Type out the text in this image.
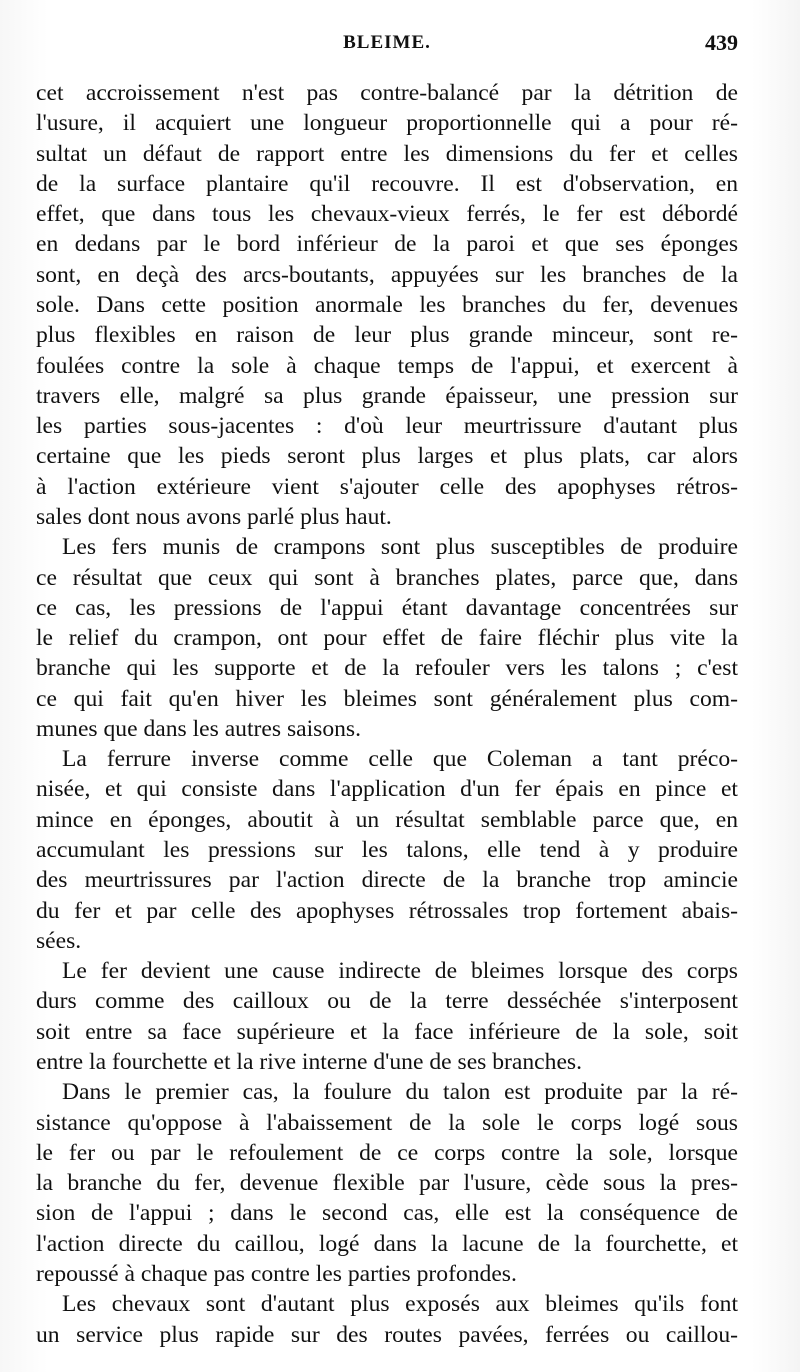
BLEIME.	439

cet accroissement n'est pas contre-balancé par la détrition de

l'usure, il acquiert une longueur proportionnelle qui a pour ré-

sultat un défaut de rapport entre les dimensions du fer et celles

de la surface plantaire qu'il recouvre. Il est d'observation, en

effet, que dans tous les chevaux-vieux ferrés, le fer est débordé

en dedans par le bord inférieur de la paroi et que ses éponges

sont, en deçà des arcs-boutants, appuyées sur les branches de la

sole. Dans cette position anormale les branches du fer, devenues

plus flexibles en raison de leur plus grande minceur, sont re-

foulées contre la sole à chaque temps de l'appui, et exercent à

travers elle, malgré sa plus grande épaisseur, une pression sur

les parties sous-jacentes : d'où leur meurtrissure d'autant plus

certaine que les pieds seront plus larges et plus plats, car alors

à l'action extérieure vient s'ajouter celle des apophyses rétros-

sales dont nous avons parlé plus haut.

Les fers munis de crampons sont plus susceptibles de produire

ce résultat que ceux qui sont à branches plates, parce que, dans

ce cas, les pressions de l'appui étant davantage concentrées sur

le relief du crampon, ont pour effet de faire fléchir plus vite la

branche qui les supporte et de la refouler vers les talons ; c'est

ce qui fait qu'en hiver les bleimes sont généralement plus com-

munes que dans les autres saisons.

La ferrure inverse comme celle que Coleman a tant préco-

nisée, et qui consiste dans l'application d'un fer épais en pince et

mince en éponges, aboutit à un résultat semblable parce que, en

accumulant les pressions sur les talons, elle tend à y produire

des meurtrissures par l'action directe de la branche trop amincie

du fer et par celle des apophyses rétrossales trop fortement abais-

sées.

Le fer devient une cause indirecte de bleimes lorsque des corps

durs comme des cailloux ou de la terre desséchée s'interposent

soit entre sa face supérieure et la face inférieure de la sole, soit

entre la fourchette et la rive interne d'une de ses branches.

Dans le premier cas, la foulure du talon est produite par la ré-

sistance qu'oppose à l'abaissement de la sole le corps logé sous

le fer ou par le refoulement de ce corps contre la sole, lorsque

la branche du fer, devenue flexible par l'usure, cède sous la pres-

sion de l'appui ; dans le second cas, elle est la conséquence de

l'action directe du caillou, logé dans la lacune de la fourchette, et

repoussé à chaque pas contre les parties profondes.

Les chevaux sont d'autant plus exposés aux bleimes qu'ils font

un service plus rapide sur des routes pavées, ferrées ou caillou-
